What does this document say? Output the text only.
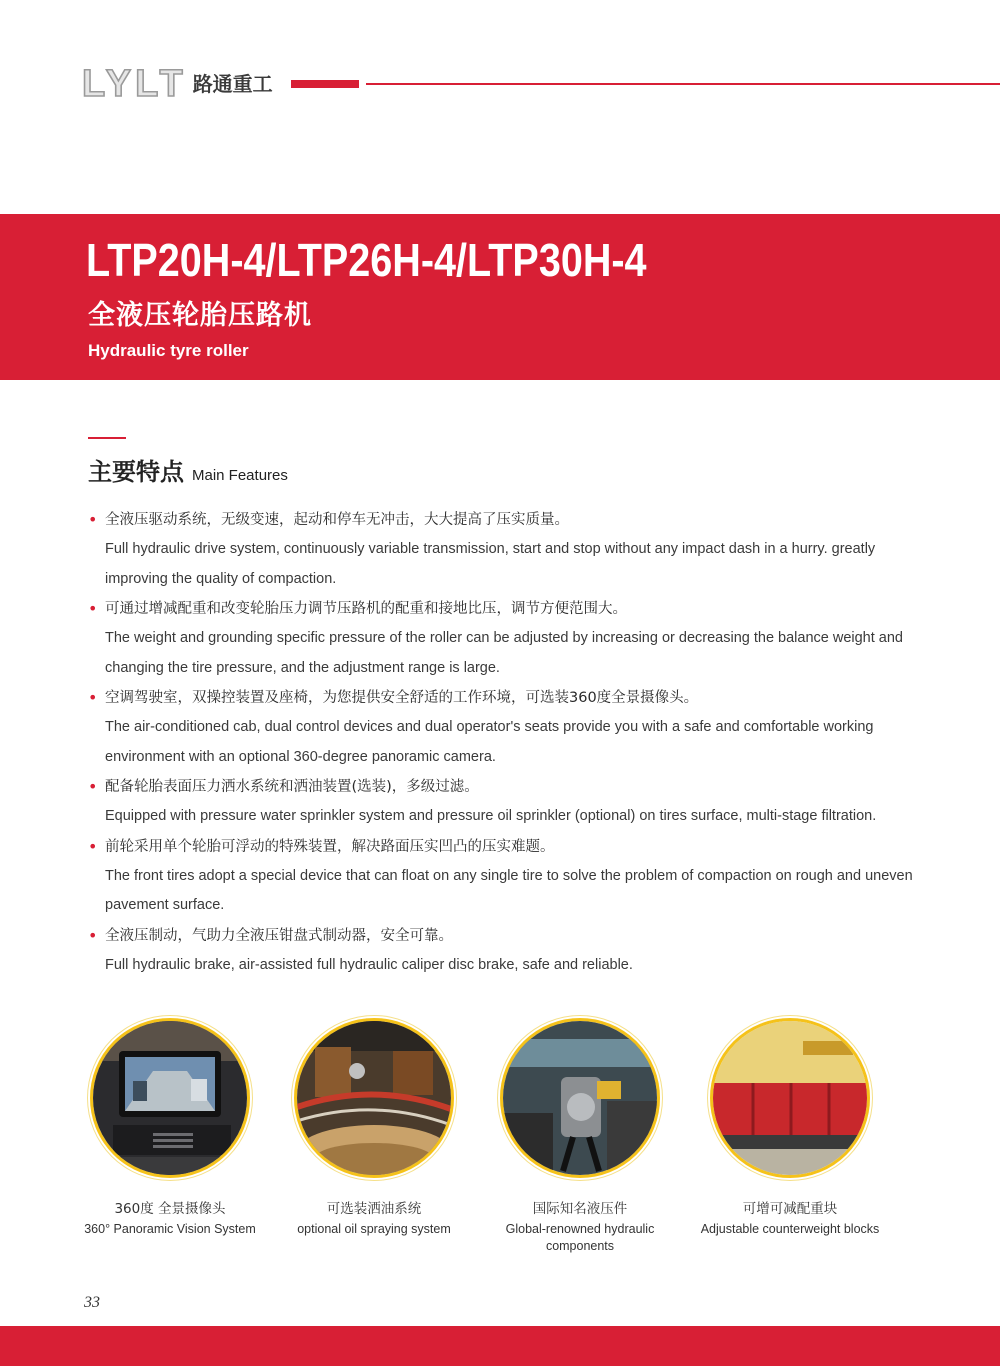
LYLT 路通重工
LTP20H-4/LTP26H-4/LTP30H-4
全液压轮胎压路机
Hydraulic tyre roller
主要特点 Main Features
• 全液压驱动系统，无级变速，起动和停车无冲击，大大提高了压实质量。
Full hydraulic drive system, continuously variable transmission, start and stop without any impact dash in a hurry. greatly improving the quality of compaction.
• 可通过增减配重和改变轮胎压力调节压路机的配重和接地比压，调节方便范围大。
The weight and grounding specific pressure of the roller can be adjusted by increasing or decreasing the balance weight and changing the tire pressure, and the adjustment range is large.
• 空调驾驶室，双操控装置及座椅，为您提供安全舒适的工作环境，可选装360度全景摄像头。
The air-conditioned cab, dual control devices and dual operator's seats provide you with a safe and comfortable working environment with an optional 360-degree panoramic camera.
• 配备轮胎表面压力洒水系统和洒油装置(选装)，多级过滤。
Equipped with pressure water sprinkler system and pressure oil sprinkler (optional) on tires surface, multi-stage filtration.
• 前轮采用单个轮胎可浮动的特殊装置，解决路面压实凹凸的压实难题。
The front tires adopt a special device that can float on any single tire to solve the problem of compaction on rough and uneven pavement surface.
• 全液压制动，气助力全液压钳盘式制动器，安全可靠。
Full hydraulic brake, air-assisted full hydraulic caliper disc brake, safe and reliable.
360度 全景摄像头
360° Panoramic Vision System
可选装洒油系统
optional oil spraying system
国际知名液压件
Global-renowned hydraulic components
可增可减配重块
Adjustable counterweight blocks
33
